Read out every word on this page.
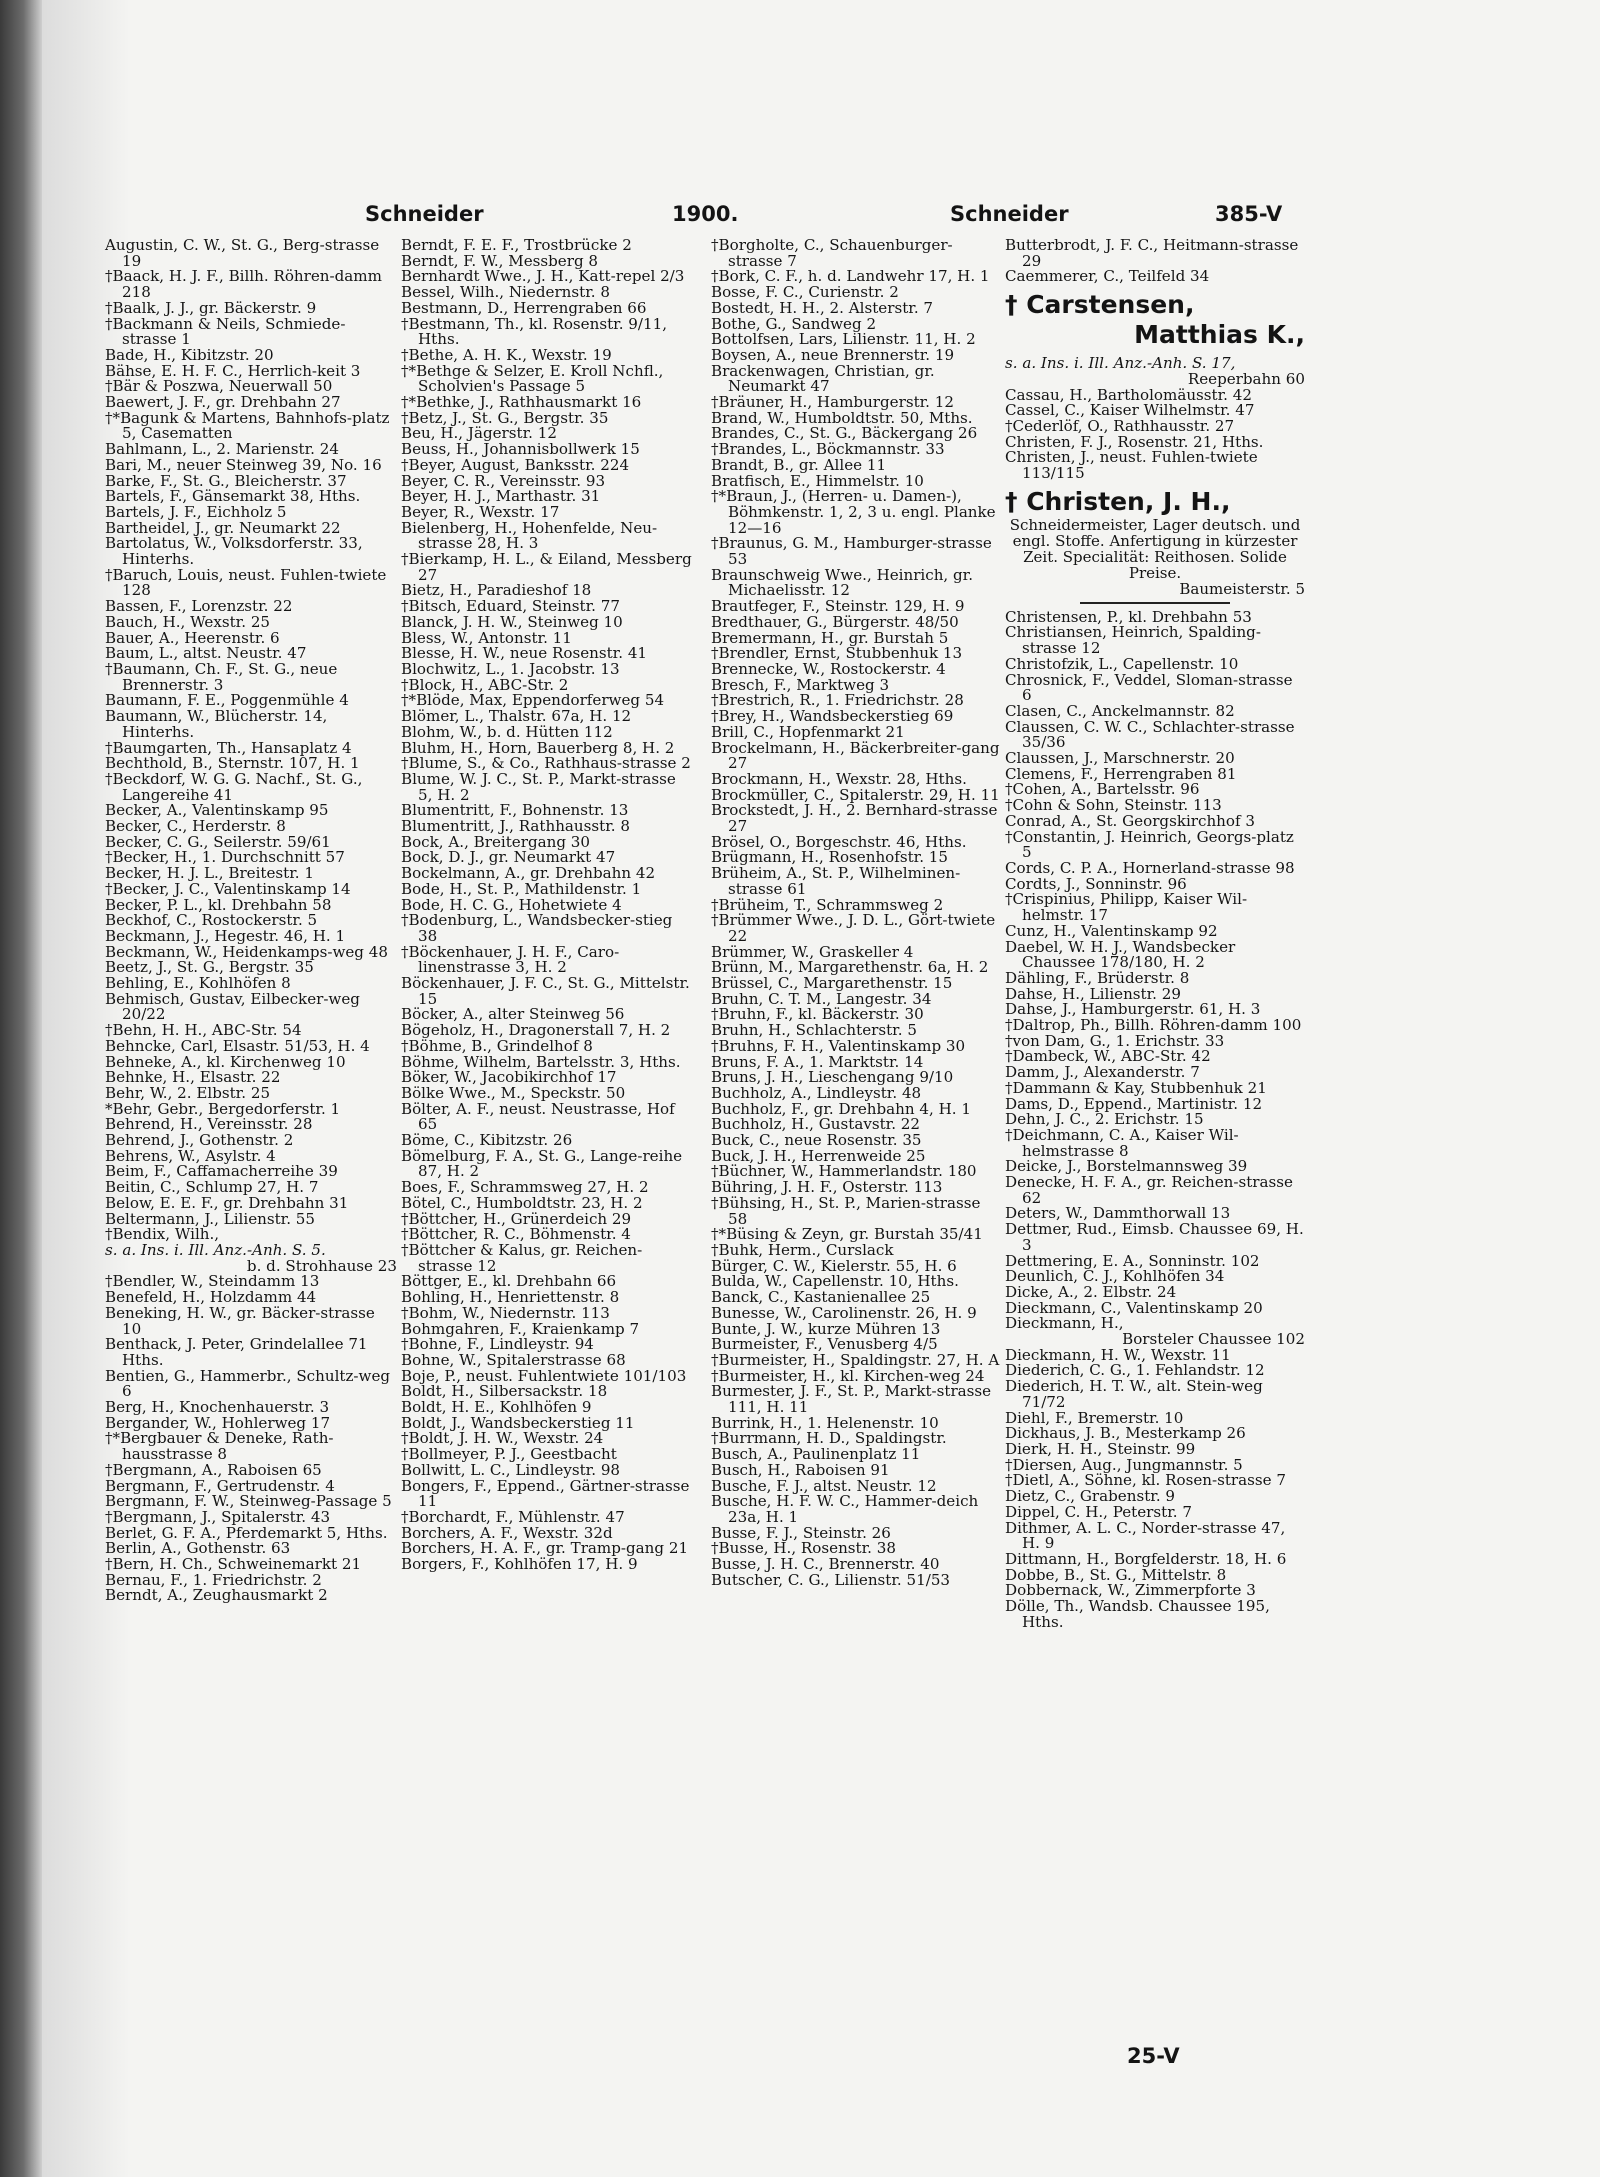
Schneider	1900.	Schneider	385-V
Augustin, C. W., St. G., Berg-strasse 19
†Baack, H. J. F., Billh. Röhren-damm 218
†Baalk, J. J., gr. Bäckerstr. 9
†Backmann & Neils, Schmiede-strasse 1
Bade, H., Kibitzstr. 20
Bähse, E. H. F. C., Herrlich-keit 3
†Bär & Poszwa, Neuerwall 50
Baewert, J. F., gr. Drehbahn 27
†*Bagunk & Martens, Bahnhofs-platz 5, Casematten
Bahlmann, L., 2. Marienstr. 24
Bari, M., neuer Steinweg 39, No. 16
Barke, F., St. G., Bleicherstr. 37
Bartels, F., Gänsemarkt 38, Hths.
Bartels, J. F., Eichholz 5
Bartheidel, J., gr. Neumarkt 22
Bartolatus, W., Volksdorferstr. 33, Hinterhs.
†Baruch, Louis, neust. Fuhlen-twiete 128
Bassen, F., Lorenzstr. 22
Bauch, H., Wexstr. 25
Bauer, A., Heerenstr. 6
Baum, L., altst. Neustr. 47
†Baumann, Ch. F., St. G., neue Brennerstr. 3
Baumann, F. E., Poggenmühle 4
Baumann, W., Blücherstr. 14, Hinterhs.
†Baumgarten, Th., Hansaplatz 4
Bechthold, B., Sternstr. 107, H. 1
†Beckdorf, W. G. G. Nachf., St. G., Langereihe 41
Becker, A., Valentinskamp 95
Becker, C., Herderstr. 8
Becker, C. G., Seilerstr. 59/61
†Becker, H., 1. Durchschnitt 57
Becker, H. J. L., Breitestr. 1
†Becker, J. C., Valentinskamp 14
Becker, P. L., kl. Drehbahn 58
Beckhof, C., Rostockerstr. 5
Beckmann, J., Hegestr. 46, H. 1
Beckmann, W., Heidenkamps-weg 48
Beetz, J., St. G., Bergstr. 35
Behling, E., Kohlhöfen 8
Behmisch, Gustav, Eilbecker-weg 20/22
†Behn, H. H., ABC-Str. 54
Behncke, Carl, Elsastr. 51/53, H. 4
Behneke, A., kl. Kirchenweg 10
Behnke, H., Elsastr. 22
Behr, W., 2. Elbstr. 25
*Behr, Gebr., Bergedorferstr. 1
Behrend, H., Vereinsstr. 28
Behrend, J., Gothenstr. 2
Behrens, W., Asylstr. 4
Beim, F., Caffamacherreihe 39
Beitin, C., Schlump 27, H. 7
Below, E. E. F., gr. Drehbahn 31
Beltermann, J., Lilienstr. 55
†Bendix, Wilh.,
s. a. Ins. i. Ill. Anz.-Anh. S. 5.
b. d. Strohhause 23
†Bendler, W., Steindamm 13
Benefeld, H., Holzdamm 44
Beneking, H. W., gr. Bäcker-strasse 10
Benthack, J. Peter, Grindelallee 71 Hths.
Bentien, G., Hammerbr., Schultz-weg 6
Berg, H., Knochenhauerstr. 3
Bergander, W., Hohlerweg 17
†*Bergbauer & Deneke, Rath-hausstrasse 8
†Bergmann, A., Raboisen 65
Bergmann, F., Gertrudenstr. 4
Bergmann, F. W., Steinweg-Passage 5
†Bergmann, J., Spitalerstr. 43
Berlet, G. F. A., Pferdemarkt 5, Hths.
Berlin, A., Gothenstr. 63
†Bern, H. Ch., Schweinemarkt 21
Bernau, F., 1. Friedrichstr. 2
Berndt, A., Zeughausmarkt 2
Berndt, F. E. F., Trostbrücke 2
Berndt, F. W., Messberg 8
Bernhardt Wwe., J. H., Katt-repel 2/3
Bessel, Wilh., Niedernstr. 8
Bestmann, D., Herrengraben 66
†Bestmann, Th., kl. Rosenstr. 9/11, Hths.
†Bethe, A. H. K., Wexstr. 19
†*Bethge & Selzer, E. Kroll Nchfl., Scholvien's Passage 5
†*Bethke, J., Rathhausmarkt 16
†Betz, J., St. G., Bergstr. 35
Beu, H., Jägerstr. 12
Beuss, H., Johannisbollwerk 15
†Beyer, August, Banksstr. 224
Beyer, C. R., Vereinsstr. 93
Beyer, H. J., Marthastr. 31
Beyer, R., Wexstr. 17
Bielenberg, H., Hohenfelde, Neu-strasse 28, H. 3
†Bierkamp, H. L., & Eiland, Messberg 27
Bietz, H., Paradieshof 18
†Bitsch, Eduard, Steinstr. 77
Blanck, J. H. W., Steinweg 10
Bless, W., Antonstr. 11
Blesse, H. W., neue Rosenstr. 41
Blochwitz, L., 1. Jacobstr. 13
†Block, H., ABC-Str. 2
†*Blöde, Max, Eppendorferweg 54
Blömer, L., Thalstr. 67a, H. 12
Blohm, W., b. d. Hütten 112
Bluhm, H., Horn, Bauerberg 8, H. 2
†Blume, S., & Co., Rathhaus-strasse 2
Blume, W. J. C., St. P., Markt-strasse 5, H. 2
Blumentritt, F., Bohnenstr. 13
Blumentritt, J., Rathhausstr. 8
Bock, A., Breitergang 30
Bock, D. J., gr. Neumarkt 47
Bockelmann, A., gr. Drehbahn 42
Bode, H., St. P., Mathildenstr. 1
Bode, H. C. G., Hohetwiete 4
†Bodenburg, L., Wandsbecker-stieg 38
†Böckenhauer, J. H. F., Caro-linenstrasse 3, H. 2
Böckenhauer, J. F. C., St. G., Mittelstr. 15
Böcker, A., alter Steinweg 56
Bögeholz, H., Dragonerstall 7, H. 2
†Böhme, B., Grindelhof 8
Böhme, Wilhelm, Bartelsstr. 3, Hths.
Böker, W., Jacobikirchhof 17
Bölke Wwe., M., Speckstr. 50
Bölter, A. F., neust. Neustrasse, Hof 65
Böme, C., Kibitzstr. 26
Bömelburg, F. A., St. G., Lange-reihe 87, H. 2
Boes, F., Schrammsweg 27, H. 2
Bötel, C., Humboldtstr. 23, H. 2
†Böttcher, H., Grünerdeich 29
†Böttcher, R. C., Böhmenstr. 4
†Böttcher & Kalus, gr. Reichen-strasse 12
Böttger, E., kl. Drehbahn 66
Bohling, H., Henriettenstr. 8
†Bohm, W., Niedernstr. 113
Bohmgahren, F., Kraienkamp 7
†Bohne, F., Lindleystr. 94
Bohne, W., Spitalerstrasse 68
Boje, P., neust. Fuhlentwiete 101/103
Boldt, H., Silbersackstr. 18
Boldt, H. E., Kohlhöfen 9
Boldt, J., Wandsbeckerstieg 11
†Boldt, J. H. W., Wexstr. 24
†Bollmeyer, P. J., Geestbacht
Bollwitt, L. C., Lindleystr. 98
Bongers, F., Eppend., Gärtner-strasse 11
†Borchardt, F., Mühlenstr. 47
Borchers, A. F., Wexstr. 32d
Borchers, H. A. F., gr. Tramp-gang 21
Borgers, F., Kohlhöfen 17, H. 9
†Borgholte, C., Schauenburger-strasse 7
†Bork, C. F., h. d. Landwehr 17, H. 1
Bosse, F. C., Curienstr. 2
Bostedt, H. H., 2. Alsterstr. 7
Bothe, G., Sandweg 2
Bottolfsen, Lars, Lilienstr. 11, H. 2
Boysen, A., neue Brennerstr. 19
Brackenwagen, Christian, gr. Neumarkt 47
†Bräuner, H., Hamburgerstr. 12
Brand, W., Humboldtstr. 50, Mths.
Brandes, C., St. G., Bäckergang 26
†Brandes, L., Böckmannstr. 33
Brandt, B., gr. Allee 11
Bratfisch, E., Himmelstr. 10
†*Braun, J., (Herren- u. Damen-), Böhmkenstr. 1, 2, 3 u. engl. Planke 12—16
†Braunus, G. M., Hamburger-strasse 53
Braunschweig Wwe., Heinrich, gr. Michaelisstr. 12
Brautfeger, F., Steinstr. 129, H. 9
Bredthauer, G., Bürgerstr. 48/50
Bremermann, H., gr. Burstah 5
†Brendler, Ernst, Stubbenhuk 13
Brennecke, W., Rostockerstr. 4
Bresch, F., Marktweg 3
†Brestrich, R., 1. Friedrichstr. 28
†Brey, H., Wandsbeckerstieg 69
Brill, C., Hopfenmarkt 21
Brockelmann, H., Bäckerbreiter-gang 27
Brockmann, H., Wexstr. 28, Hths.
Brockmüller, C., Spitalerstr. 29, H. 11
Brockstedt, J. H., 2. Bernhard-strasse 27
Brösel, O., Borgeschstr. 46, Hths.
Brügmann, H., Rosenhofstr. 15
Brüheim, A., St. P., Wilhelminen-strasse 61
†Brüheim, T., Schrammsweg 2
†Brümmer Wwe., J. D. L., Gört-twiete 22
Brümmer, W., Graskeller 4
Brünn, M., Margarethenstr. 6a, H. 2
Brüssel, C., Margarethenstr. 15
Bruhn, C. T. M., Langestr. 34
†Bruhn, F., kl. Bäckerstr. 30
Bruhn, H., Schlachterstr. 5
†Bruhns, F. H., Valentinskamp 30
Bruns, F. A., 1. Marktstr. 14
Bruns, J. H., Lieschengang 9/10
Buchholz, A., Lindleystr. 48
Buchholz, F., gr. Drehbahn 4, H. 1
Buchholz, H., Gustavstr. 22
Buck, C., neue Rosenstr. 35
Buck, J. H., Herrenweide 25
†Büchner, W., Hammerlandstr. 180
Bühring, J. H. F., Osterstr. 113
†Bühsing, H., St. P., Marien-strasse 58
†*Büsing & Zeyn, gr. Burstah 35/41
†Buhk, Herm., Curslack
Bürger, C. W., Kielerstr. 55, H. 6
Bulda, W., Capellenstr. 10, Hths.
Banck, C., Kastanienallee 25
Bunesse, W., Carolinenstr. 26, H. 9
Bunte, J. W., kurze Mühren 13
Burmeister, F., Venusberg 4/5
†Burmeister, H., Spaldingstr. 27, H. A
†Burmeister, H., kl. Kirchen-weg 24
Burmester, J. F., St. P., Markt-strasse 111, H. 11
Burrink, H., 1. Helenenstr. 10
†Burrmann, H. D., Spaldingstr.
Busch, A., Paulinenplatz 11
Busch, H., Raboisen 91
Busche, F. J., altst. Neustr. 12
Busche, H. F. W. C., Hammer-deich 23a, H. 1
Busse, F. J., Steinstr. 26
†Busse, H., Rosenstr. 38
Busse, J. H. C., Brennerstr. 40
Butscher, C. G., Lilienstr. 51/53
Butterbrodt, J. F. C., Heitmann-strasse 29
Caemmerer, C., Teilfeld 34
† Carstensen,
Matthias K.,
s. a. Ins. i. Ill. Anz.-Anh. S. 17,
Reeperbahn 60
Cassau, H., Bartholomäusstr. 42
Cassel, C., Kaiser Wilhelmstr. 47
†Cederlöf, O., Rathhausstr. 27
Christen, F. J., Rosenstr. 21, Hths.
Christen, J., neust. Fuhlen-twiete 113/115
† Christen, J. H.,
Schneidermeister, Lager deutsch. und engl. Stoffe. Anfertigung in kürzester Zeit. Specialität: Reithosen. Solide Preise.
Baumeisterstr. 5
Christensen, P., kl. Drehbahn 53
Christiansen, Heinrich, Spalding-strasse 12
Christofzik, L., Capellenstr. 10
Chrosnick, F., Veddel, Sloman-strasse 6
Clasen, C., Anckelmannstr. 82
Claussen, C. W. C., Schlachter-strasse 35/36
Claussen, J., Marschnerstr. 20
Clemens, F., Herrengraben 81
†Cohen, A., Bartelsstr. 96
†Cohn & Sohn, Steinstr. 113
Conrad, A., St. Georgskirchhof 3
†Constantin, J. Heinrich, Georgs-platz 5
Cords, C. P. A., Hornerland-strasse 98
Cordts, J., Sonninstr. 96
†Crispinius, Philipp, Kaiser Wil-helmstr. 17
Cunz, H., Valentinskamp 92
Daebel, W. H. J., Wandsbecker Chaussee 178/180, H. 2
Dähling, F., Brüderstr. 8
Dahse, H., Lilienstr. 29
Dahse, J., Hamburgerstr. 61, H. 3
†Daltrop, Ph., Billh. Röhren-damm 100
†von Dam, G., 1. Erichstr. 33
†Dambeck, W., ABC-Str. 42
Damm, J., Alexanderstr. 7
†Dammann & Kay, Stubbenhuk 21
Dams, D., Eppend., Martinistr. 12
Dehn, J. C., 2. Erichstr. 15
†Deichmann, C. A., Kaiser Wil-helmstrasse 8
Deicke, J., Borstelmannsweg 39
Denecke, H. F. A., gr. Reichen-strasse 62
Deters, W., Dammthorwall 13
Dettmer, Rud., Eimsb. Chaussee 69, H. 3
Dettmering, E. A., Sonninstr. 102
Deunlich, C. J., Kohlhöfen 34
Dicke, A., 2. Elbstr. 24
Dieckmann, C., Valentinskamp 20
Dieckmann, H.,
Borsteler Chaussee 102
Dieckmann, H. W., Wexstr. 11
Diederich, C. G., 1. Fehlandstr. 12
Diederich, H. T. W., alt. Stein-weg 71/72
Diehl, F., Bremerstr. 10
Dickhaus, J. B., Mesterkamp 26
Dierk, H. H., Steinstr. 99
†Diersen, Aug., Jungmannstr. 5
†Dietl, A., Söhne, kl. Rosen-strasse 7
Dietz, C., Grabenstr. 9
Dippel, C. H., Peterstr. 7
Dithmer, A. L. C., Norder-strasse 47, H. 9
Dittmann, H., Borgfelderstr. 18, H. 6
Dobbe, B., St. G., Mittelstr. 8
Dobbernack, W., Zimmerpforte 3
Dölle, Th., Wandsb. Chaussee 195, Hths.
25-V
